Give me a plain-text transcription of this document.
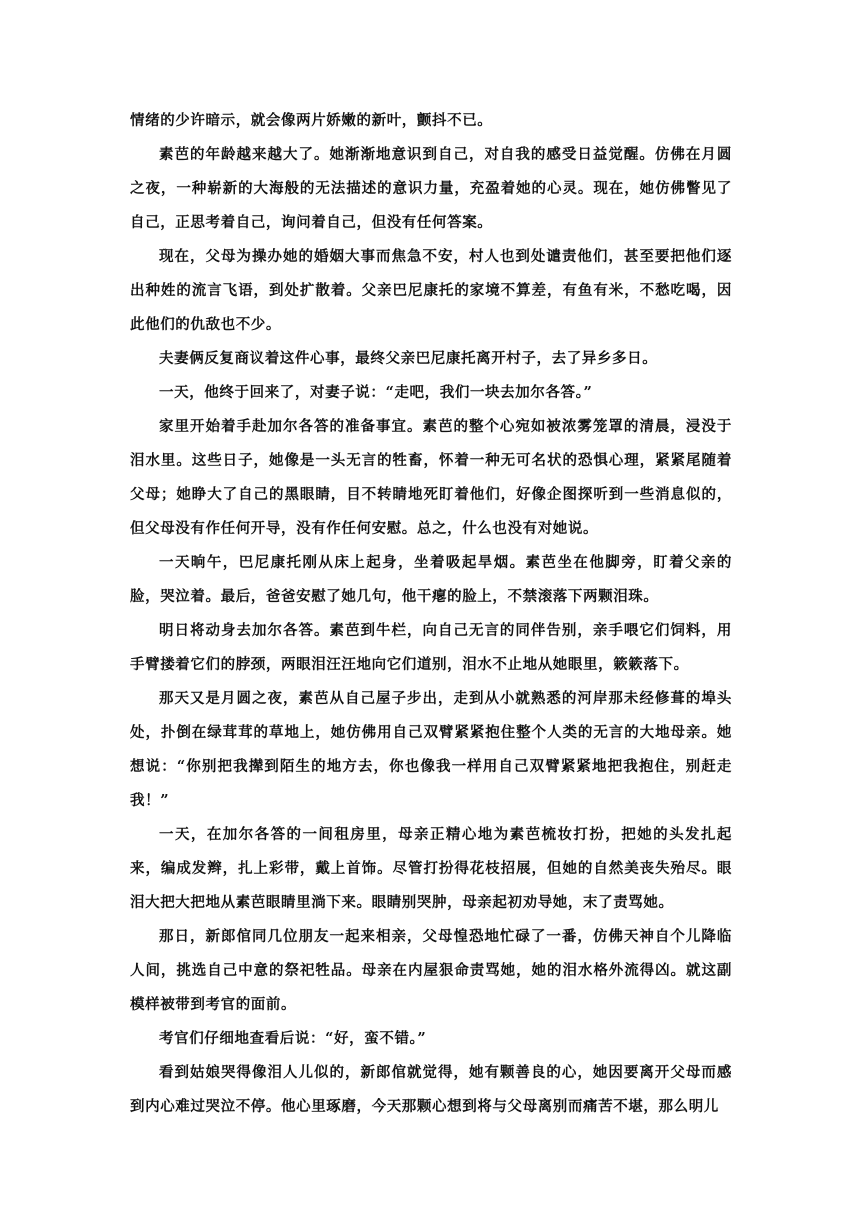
情绪的少许暗示，就会像两片娇嫩的新叶，颤抖不已。

素芭的年龄越来越大了。她渐渐地意识到自己，对自我的感受日益觉醒。仿佛在月圆之夜，一种崭新的大海般的无法描述的意识力量，充盈着她的心灵。现在，她仿佛瞥见了自己，正思考着自己，询问着自己，但没有任何答案。

现在，父母为操办她的婚姻大事而焦急不安，村人也到处谴责他们，甚至要把他们逐出种姓的流言飞语，到处扩散着。父亲巴尼康托的家境不算差，有鱼有米，不愁吃喝，因此他们的仇敌也不少。

夫妻俩反复商议着这件心事，最终父亲巴尼康托离开村子，去了异乡多日。

一天，他终于回来了，对妻子说：“走吧，我们一块去加尔各答。”

家里开始着手赴加尔各答的准备事宜。素芭的整个心宛如被浓雾笼罩的清晨，浸没于泪水里。这些日子，她像是一头无言的牲畜，怀着一种无可名状的恐惧心理，紧紧尾随着父母；她睁大了自己的黑眼睛，目不转睛地死盯着他们，好像企图探听到一些消息似的，但父母没有作任何开导，没有作任何安慰。总之，什么也没有对她说。

一天晌午，巴尼康托刚从床上起身，坐着吸起旱烟。素芭坐在他脚旁，盯着父亲的脸，哭泣着。最后，爸爸安慰了她几句，他干瘪的脸上，不禁滚落下两颗泪珠。

明日将动身去加尔各答。素芭到牛栏，向自己无言的同伴告别，亲手喂它们饲料，用手臂搂着它们的脖颈，两眼泪汪汪地向它们道别，泪水不止地从她眼里，簌簌落下。

那天又是月圆之夜，素芭从自己屋子步出，走到从小就熟悉的河岸那未经修葺的埠头处，扑倒在绿茸茸的草地上，她仿佛用自己双臂紧紧抱住整个人类的无言的大地母亲。她想说：“你别把我撵到陌生的地方去，你也像我一样用自己双臂紧紧地把我抱住，别赶走我！”

一天，在加尔各答的一间租房里，母亲正精心地为素芭梳妆打扮，把她的头发扎起来，编成发辫，扎上彩带，戴上首饰。尽管打扮得花枝招展，但她的自然美丧失殆尽。眼泪大把大把地从素芭眼睛里淌下来。眼睛别哭肿，母亲起初劝导她，末了责骂她。

那日，新郎倌同几位朋友一起来相亲，父母惶恐地忙碌了一番，仿佛天神自个儿降临人间，挑选自己中意的祭祀牲品。母亲在内屋狠命责骂她，她的泪水格外流得凶。就这副模样被带到考官的面前。

考官们仔细地查看后说：“好，蛮不错。”

看到姑娘哭得像泪人儿似的，新郎倌就觉得，她有颗善良的心，她因要离开父母而感到内心难过哭泣不停。他心里琢磨，今天那颗心想到将与父母离别而痛苦不堪，那么明儿
